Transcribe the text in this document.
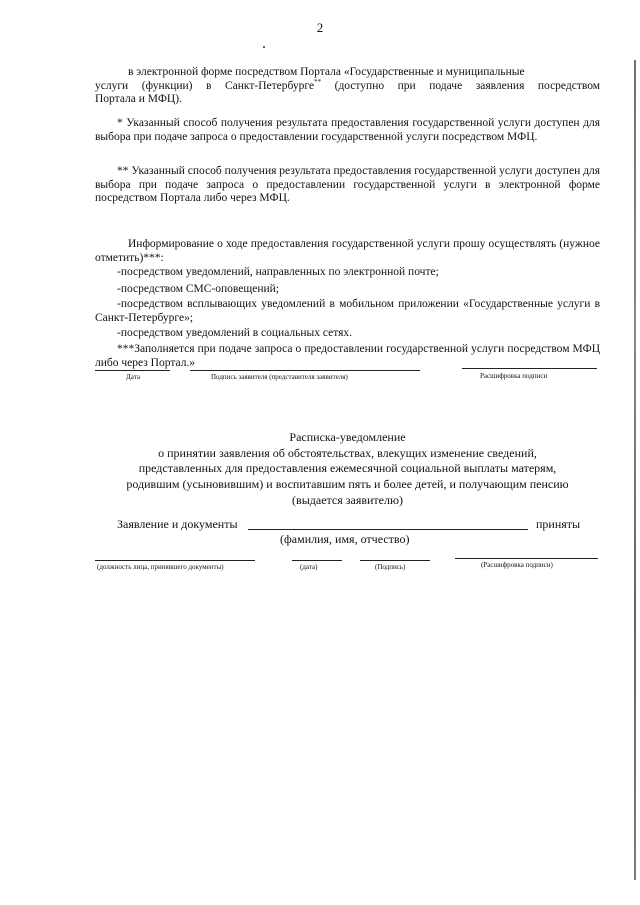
2
в электронной форме посредством Портала «Государственные и муниципальные
услуги (функции) в Санкт-Петербурге** (доступно при подаче заявления посредством
Портала и МФЦ).
* Указанный способ получения результата предоставления государственной услуги доступен для выбора при подаче запроса о предоставлении государственной услуги посредством МФЦ.
** Указанный способ получения результата предоставления государственной услуги доступен для выбора при подаче запроса о предоставлении государственной услуги в электронной форме посредством Портала либо через МФЦ.
Информирование о ходе предоставления государственной услуги прошу осуществлять (нужное отметить)***:
-посредством уведомлений, направленных по электронной почте;
-посредством СМС-оповещений;
-посредством всплывающих уведомлений в мобильном приложении «Государственные услуги в Санкт-Петербурге»;
-посредством уведомлений в социальных сетях.
***Заполняется при подаче запроса о предоставлении государственной услуги посредством МФЦ либо через Портал.»
Дата	Подпись заявителя (представителя заявителя)	Расшифровка подписи
Расписка-уведомление
о принятии заявления об обстоятельствах, влекущих изменение сведений,
представленных для предоставления ежемесячной социальной выплаты матерям,
родившим (усыновившим) и воспитавшим пять и более детей, и получающим пенсию
(выдается заявителю)
Заявление и документы	приняты
(фамилия, имя, отчество)
(должность лица, принявшего документы)	(дата)	(Подпись)	(Расшифровка подписи)
